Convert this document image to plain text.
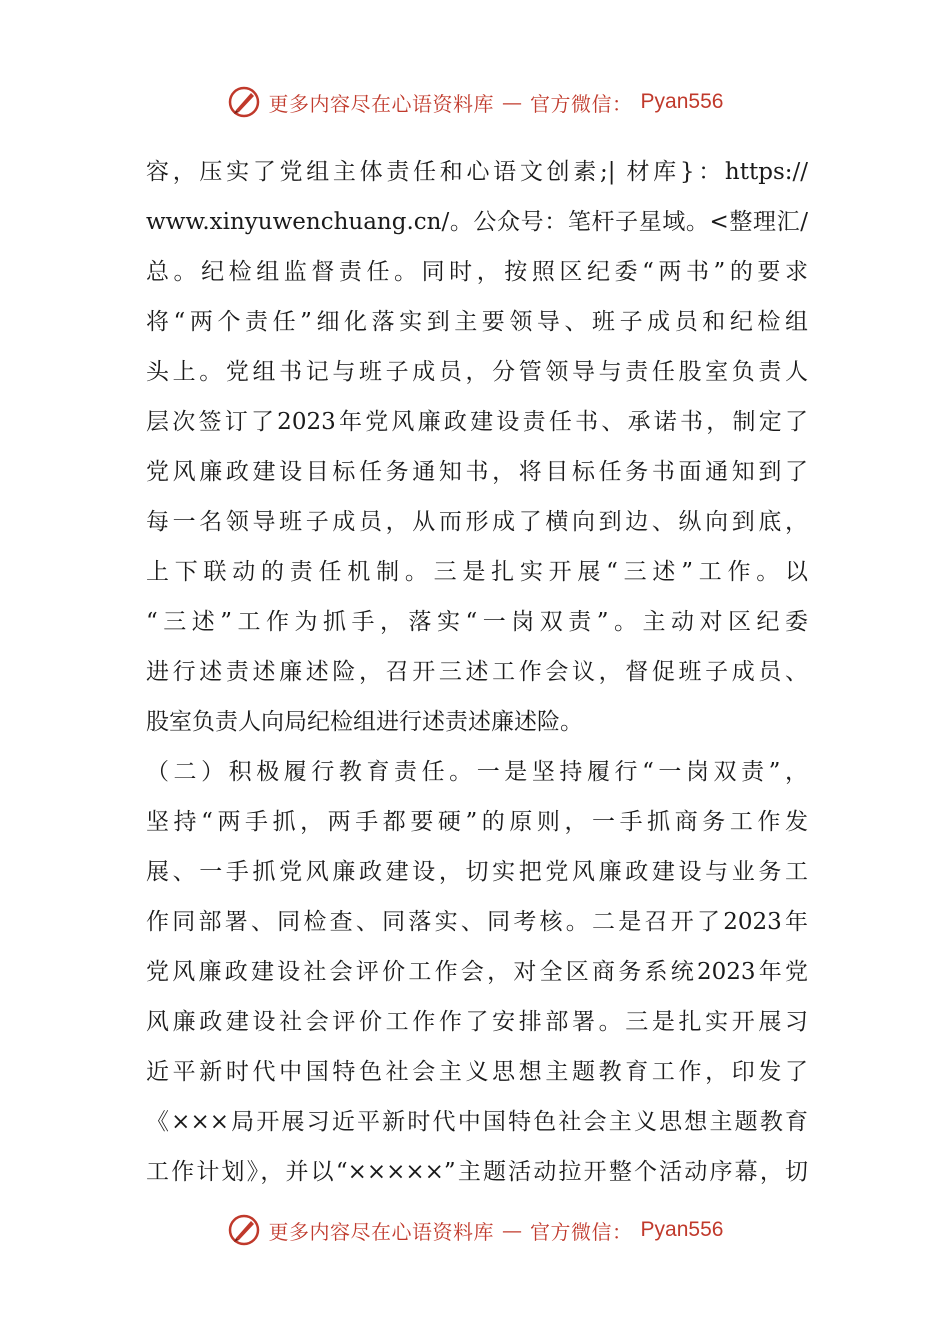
更多内容尽在心语资料库 — 官方微信： Pyan556
容，压实了党组主体责任和心语文创素;| 材库}：https://
www.xinyuwenchuang.cn/。公众号：笔杆子星域。<整理汇/
总。纪检组监督责任。同时，按照区纪委“两书”的要求
将“两个责任”细化落实到主要领导、班子成员和纪检组
头上。党组书记与班子成员，分管领导与责任股室负责人
层次签订了2023年党风廉政建设责任书、承诺书，制定了
党风廉政建设目标任务通知书，将目标任务书面通知到了
每一名领导班子成员，从而形成了横向到边、纵向到底，
上下联动的责任机制。三是扎实开展“三述”工作。以
“三述”工作为抓手，落实“一岗双责”。主动对区纪委
进行述责述廉述险，召开三述工作会议，督促班子成员、
股室负责人向局纪检组进行述责述廉述险。
（二）积极履行教育责任。一是坚持履行“一岗双责”，
坚持“两手抓，两手都要硬”的原则，一手抓商务工作发
展、一手抓党风廉政建设，切实把党风廉政建设与业务工
作同部署、同检查、同落实、同考核。二是召开了2023年
党风廉政建设社会评价工作会，对全区商务系统2023年党
风廉政建设社会评价工作作了安排部署。三是扎实开展习
近平新时代中国特色社会主义思想主题教育工作，印发了
《×××局开展习近平新时代中国特色社会主义思想主题教育
工作计划》，并以“×××××”主题活动拉开整个活动序幕，切
更多内容尽在心语资料库 — 官方微信： Pyan556
